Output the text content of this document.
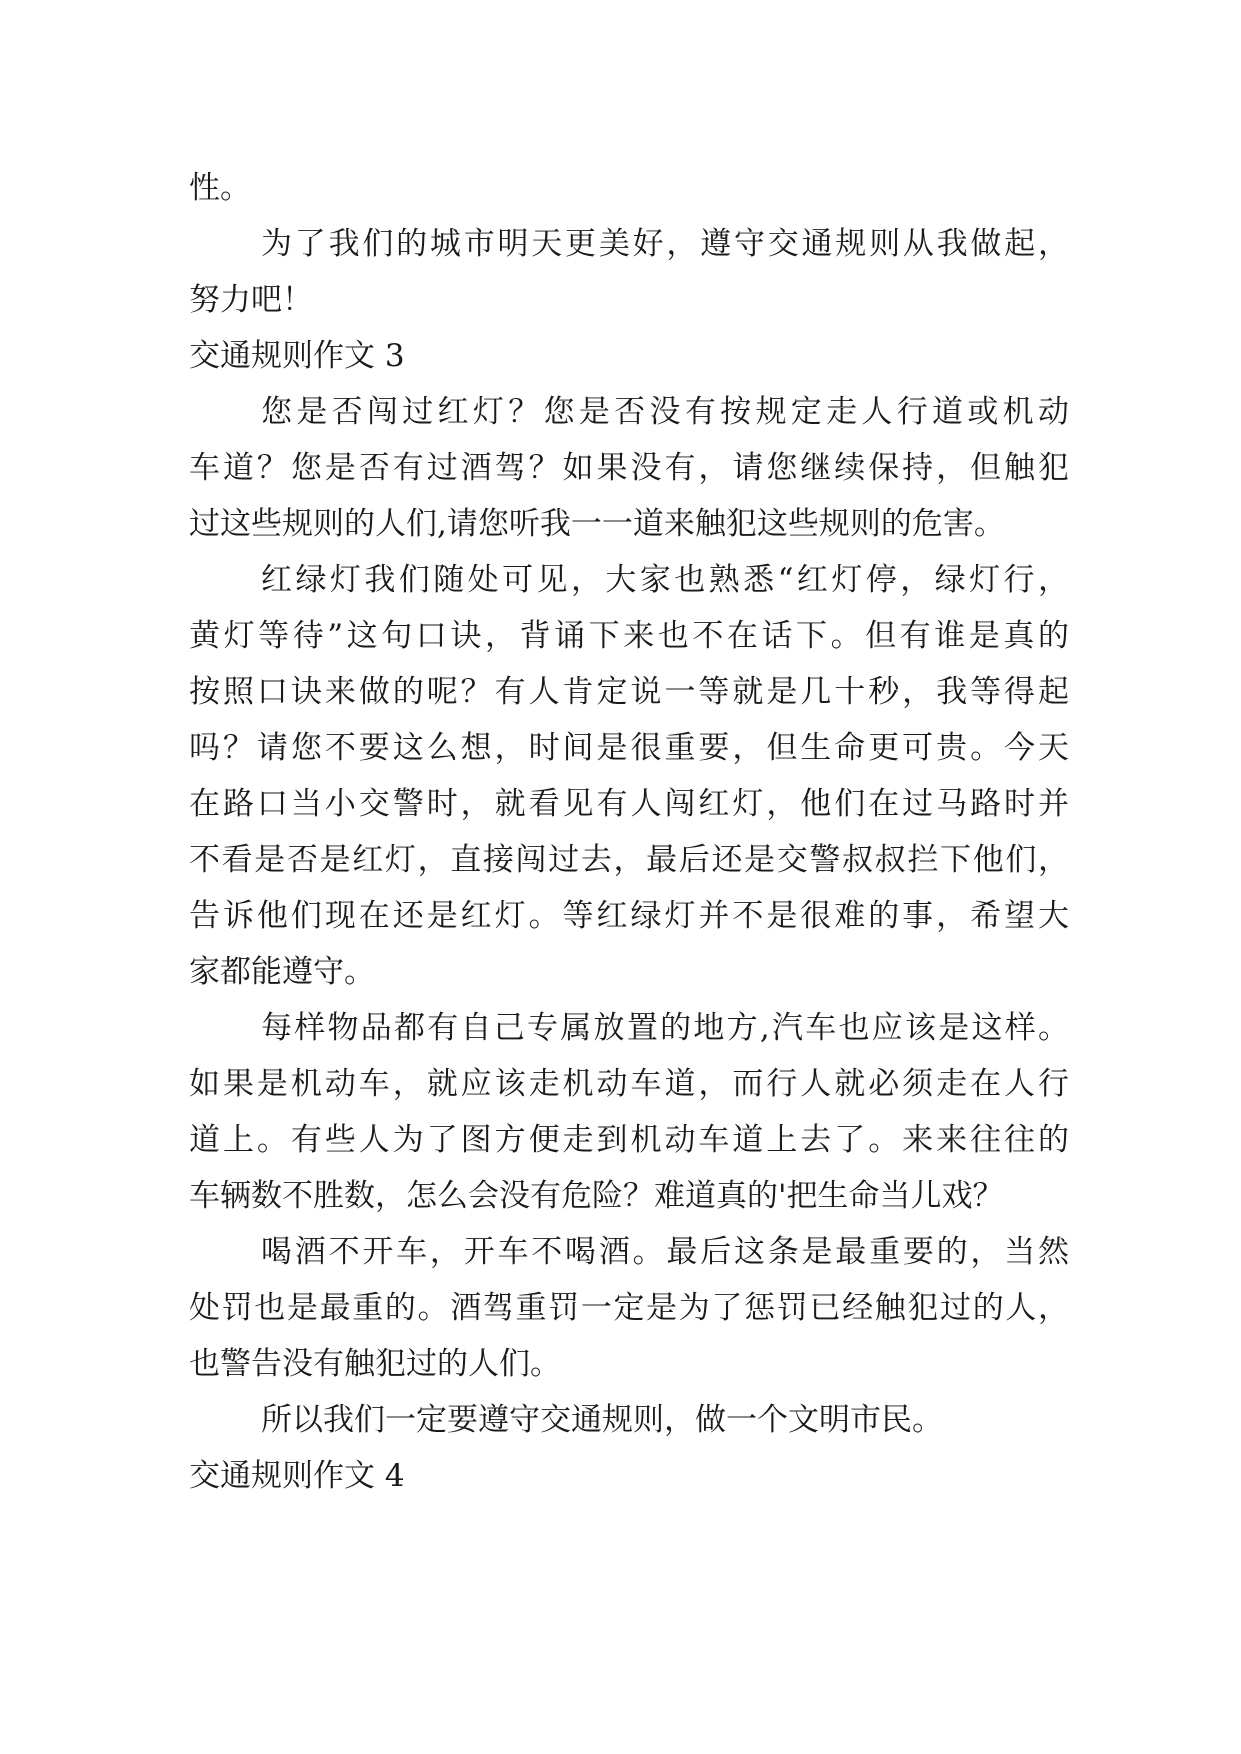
性。
为了我们的城市明天更美好，遵守交通规则从我做起，
努力吧！
交通规则作文 3
您是否闯过红灯？您是否没有按规定走人行道或机动
车道？您是否有过酒驾？如果没有，请您继续保持，但触犯
过这些规则的人们,请您听我一一道来触犯这些规则的危害。
红绿灯我们随处可见，大家也熟悉“红灯停，绿灯行，
黄灯等待”这句口诀，背诵下来也不在话下。但有谁是真的
按照口诀来做的呢？有人肯定说一等就是几十秒，我等得起
吗？请您不要这么想，时间是很重要，但生命更可贵。今天
在路口当小交警时，就看见有人闯红灯，他们在过马路时并
不看是否是红灯，直接闯过去，最后还是交警叔叔拦下他们，
告诉他们现在还是红灯。等红绿灯并不是很难的事，希望大
家都能遵守。
每样物品都有自己专属放置的地方,汽车也应该是这样。
如果是机动车，就应该走机动车道，而行人就必须走在人行
道上。有些人为了图方便走到机动车道上去了。来来往往的
车辆数不胜数，怎么会没有危险？难道真的'把生命当儿戏？
喝酒不开车，开车不喝酒。最后这条是最重要的，当然
处罚也是最重的。酒驾重罚一定是为了惩罚已经触犯过的人，
也警告没有触犯过的人们。
所以我们一定要遵守交通规则，做一个文明市民。
交通规则作文 4
